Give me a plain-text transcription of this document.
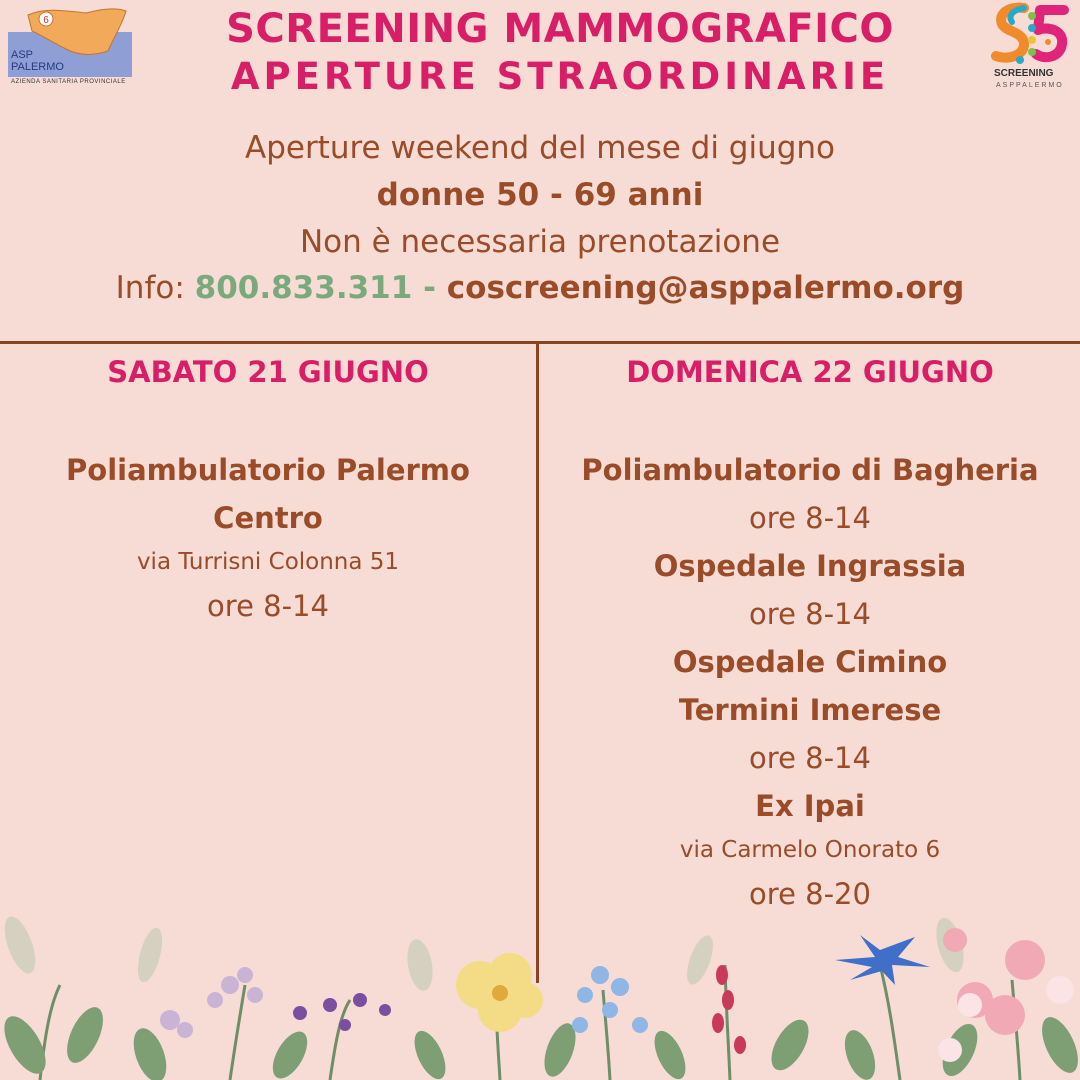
6
ASP
PALERMO
AZIENDA SANITARIA PROVINCIALE
SCREENING
ASPPALERMO
SCREENING MAMMOGRAFICO
APERTURE STRAORDINARIE
Aperture weekend del mese di giugno
donne 50 - 69 anni
Non è necessaria prenotazione
Info: 800.833.311 - coscreening@asppalermo.org
SABATO 21 GIUGNO	DOMENICA 22 GIUGNO
Poliambulatorio Palermo
Centro
via Turrisni Colonna 51
ore 8-14
Poliambulatorio di Bagheria
ore 8-14
Ospedale Ingrassia
ore 8-14
Ospedale Cimino
Termini Imerese
ore 8-14
Ex Ipai
via Carmelo Onorato 6
ore 8-20
